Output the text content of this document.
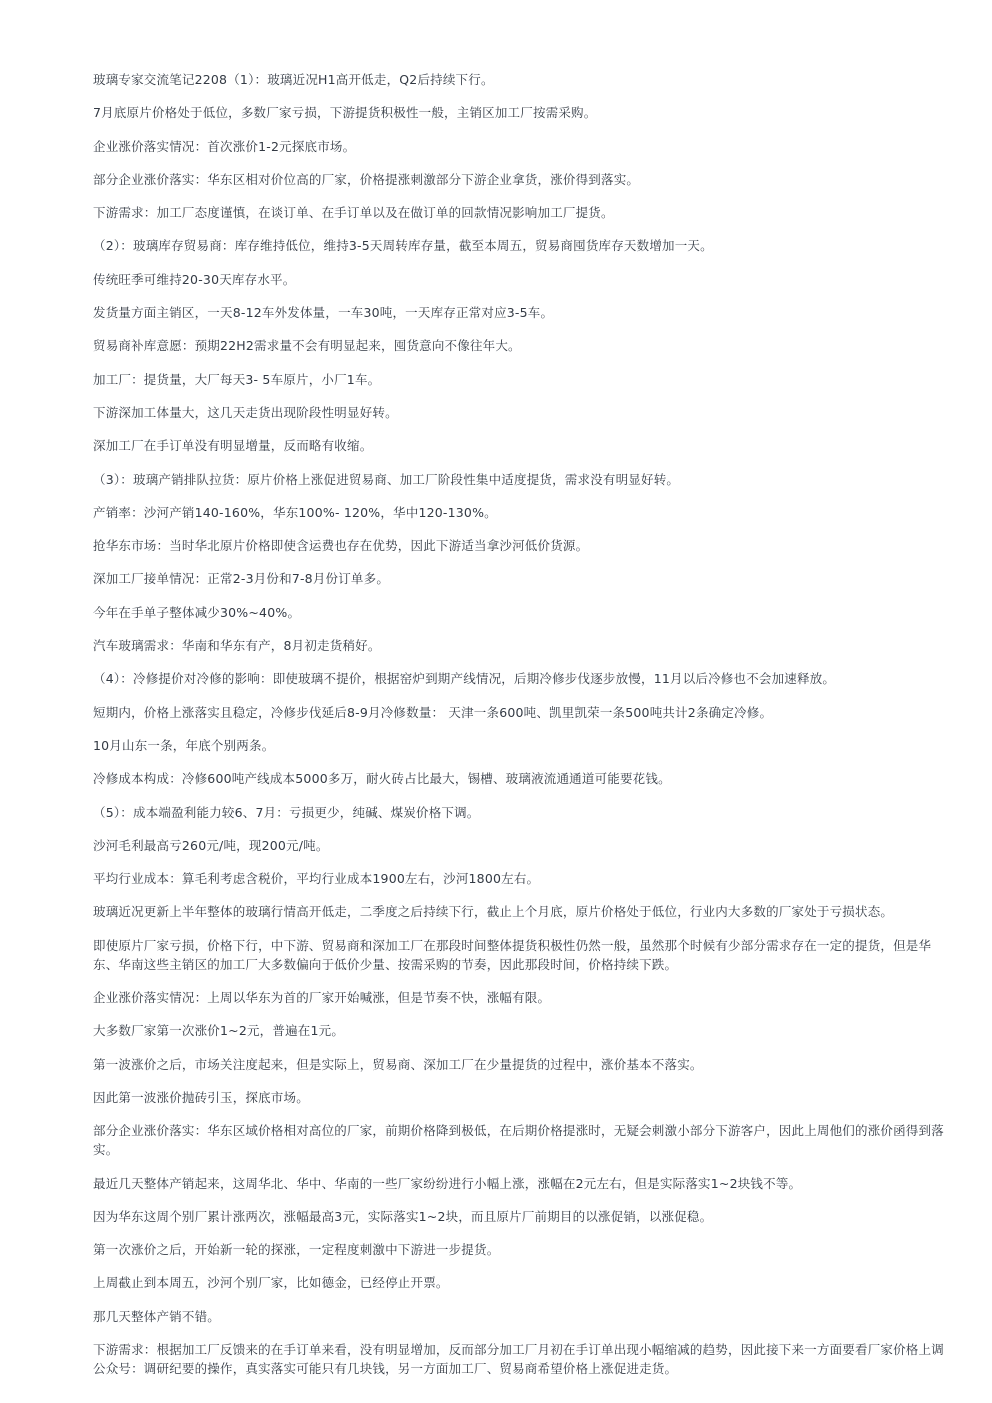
玻璃专家交流笔记2208（1）：玻璃近况H1高开低走，Q2后持续下行。

7月底原片价格处于低位，多数厂家亏损，下游提货积极性一般，主销区加工厂按需采购。

企业涨价落实情况：首次涨价1-2元探底市场。

部分企业涨价落实：华东区相对价位高的厂家，价格提涨刺激部分下游企业拿货，涨价得到落实。

下游需求：加工厂态度谨慎，在谈订单、在手订单以及在做订单的回款情况影响加工厂提货。

（2）：玻璃库存贸易商：库存维持低位，维持3-5天周转库存量，截至本周五，贸易商囤货库存天数增加一天。

传统旺季可维持20-30天库存水平。

发货量方面主销区，一天8-12车外发体量，一车30吨，一天库存正常对应3-5车。

贸易商补库意愿：预期22H2需求量不会有明显起来，囤货意向不像往年大。

加工厂：提货量，大厂每天3- 5车原片，小厂1车。

下游深加工体量大，这几天走货出现阶段性明显好转。

深加工厂在手订单没有明显增量，反而略有收缩。

（3）：玻璃产销排队拉货：原片价格上涨促进贸易商、加工厂阶段性集中适度提货，需求没有明显好转。

产销率：沙河产销140-160%，华东100%- 120%，华中120-130%。

抢华东市场：当时华北原片价格即使含运费也存在优势，因此下游适当拿沙河低价货源。

深加工厂接单情况：正常2-3月份和7-8月份订单多。

今年在手单子整体减少30%~40%。

汽车玻璃需求：华南和华东有产，8月初走货稍好。

（4）：冷修提价对冷修的影响：即使玻璃不提价，根据窑炉到期产线情况，后期冷修步伐逐步放慢，11月以后冷修也不会加速释放。

短期内，价格上涨落实且稳定，冷修步伐延后8-9月冷修数量： 天津一条600吨、凯里凯荣一条500吨共计2条确定冷修。

10月山东一条，年底个别两条。

冷修成本构成：冷修600吨产线成本5000多万，耐火砖占比最大，锡槽、玻璃液流通通道可能要花钱。

（5）：成本端盈利能力较6、7月：亏损更少，纯碱、煤炭价格下调。

沙河毛利最高亏260元/吨，现200元/吨。

平均行业成本：算毛利考虑含税价，平均行业成本1900左右，沙河1800左右。

玻璃近况更新上半年整体的玻璃行情高开低走，二季度之后持续下行，截止上个月底，原片价格处于低位，行业内大多数的厂家处于亏损状态。

即使原片厂家亏损，价格下行，中下游、贸易商和深加工厂在那段时间整体提货积极性仍然一般，虽然那个时候有少部分需求存在一定的提货，但是华东、华南这些主销区的加工厂大多数偏向于低价少量、按需采购的节奏，因此那段时间，价格持续下跌。

企业涨价落实情况：上周以华东为首的厂家开始喊涨，但是节奏不快，涨幅有限。

大多数厂家第一次涨价1~2元，普遍在1元。

第一波涨价之后，市场关注度起来，但是实际上，贸易商、深加工厂在少量提货的过程中，涨价基本不落实。

因此第一波涨价抛砖引玉，探底市场。

部分企业涨价落实：华东区域价格相对高位的厂家，前期价格降到极低，在后期价格提涨时，无疑会刺激小部分下游客户，因此上周他们的涨价函得到落实。

最近几天整体产销起来，这周华北、华中、华南的一些厂家纷纷进行小幅上涨，涨幅在2元左右，但是实际落实1~2块钱不等。

因为华东这周个别厂累计涨两次，涨幅最高3元，实际落实1~2块，而且原片厂前期目的以涨促销，以涨促稳。

第一次涨价之后，开始新一轮的探涨，一定程度刺激中下游进一步提货。

上周截止到本周五，沙河个别厂家，比如德金，已经停止开票。

那几天整体产销不错。

下游需求：根据加工厂反馈来的在手订单来看，没有明显增加，反而部分加工厂月初在手订单出现小幅缩减的趋势，因此接下来一方面要看厂家价格上调公众号：调研纪要的操作，真实落实可能只有几块钱，另一方面加工厂、贸易商希望价格上涨促进走货。
